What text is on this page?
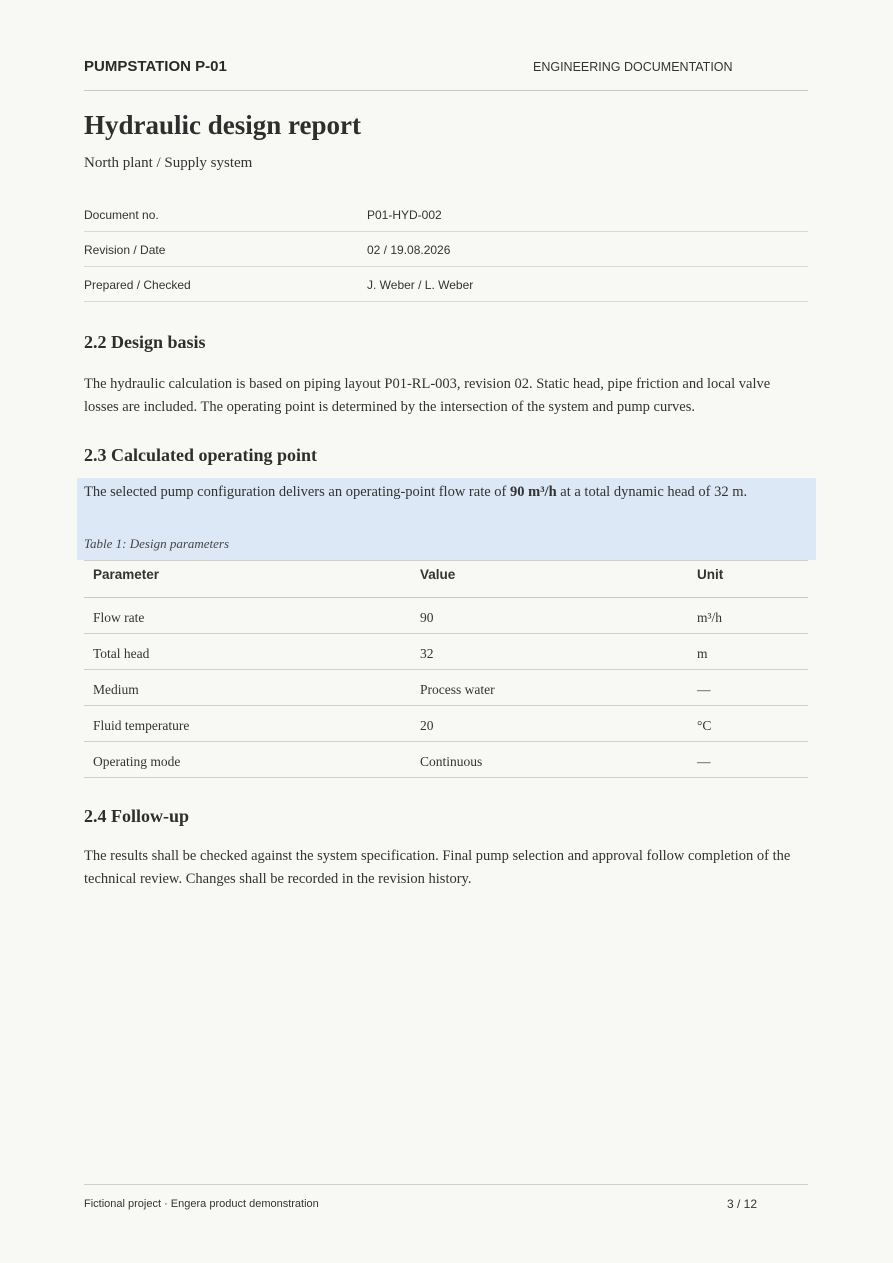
PUMPSTATION P-01	ENGINEERING DOCUMENTATION
Hydraulic design report
North plant / Supply system
Document no.	P01-HYD-002
Revision / Date	02 / 19.08.2026
Prepared / Checked	J. Weber / L. Weber
2.2 Design basis

The hydraulic calculation is based on piping layout P01-RL-003, revision 02. Static head, pipe friction and local valve losses are included. The operating point is determined by the intersection of the system and pump curves.

2.3 Calculated operating point
The selected pump configuration delivers an operating-point flow rate of 90 m³/h at a total dynamic head of 32 m.
Table 1: Design parameters
Parameter	Value	Unit
Flow rate	90	m³/h
Total head	32	m
Medium	Process water	—
Fluid temperature	20	°C
Operating mode	Continuous	—
2.4 Follow-up

The results shall be checked against the system specification. Final pump selection and approval follow completion of the technical review. Changes shall be recorded in the revision history.

Fictional project · Engera product demonstration	3 / 12
